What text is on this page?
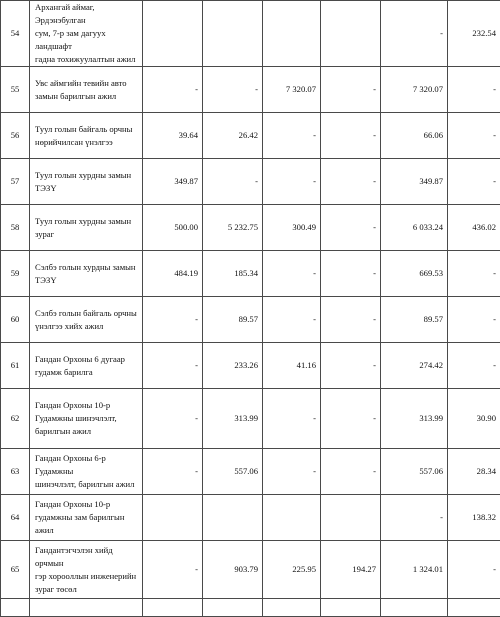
54	Архангай аймаг, Эрдэнэбулган
сум, 7-р зам дагуух ландшафт
гадна тохижуулалтын ажил					-	232.54
55	Увс аймгийн тевийн авто
замын барилгын ажил	-	-	7 320.07	-	7 320.07	-
56	Туул голын байгаль орчны
нөрийчилсан үнэлгээ	39.64	26.42	-	-	66.06	-
57	Туул голын хурдны замын
ТЭЗҮ	349.87	-	-	-	349.87	-
58	Туул голын хурдны замын
зураг	500.00	5 232.75	300.49	-	6 033.24	436.02
59	Сэлбэ голын хурдны замын
ТЭЗҮ	484.19	185.34	-	-	669.53	-
60	Сэлбэ голын байгаль орчны
үнэлгээ хийх ажил	-	89.57	-	-	89.57	-
61	Гандан Орхоны 6 дугаар
гудамж барилга	-	233.26	41.16	-	274.42	-
62	Гандан Орхоны 10-р
Гудамжны шинэчлэлт,
барилгын ажил	-	313.99	-	-	313.99	30.90
63	Гандан Орхоны 6-р Гудамжны
шинэчлэлт, барилгын ажил	-	557.06	-	-	557.06	28.34
64	Гандан Орхоны 10-р
гудамжны зам барилгын ажил					-	138.32
65	Гандантэгчэлэн хийд орчмын
гэр хорооллын инженерийн
зураг төсөл	-	903.79	225.95	194.27	1 324.01	-
